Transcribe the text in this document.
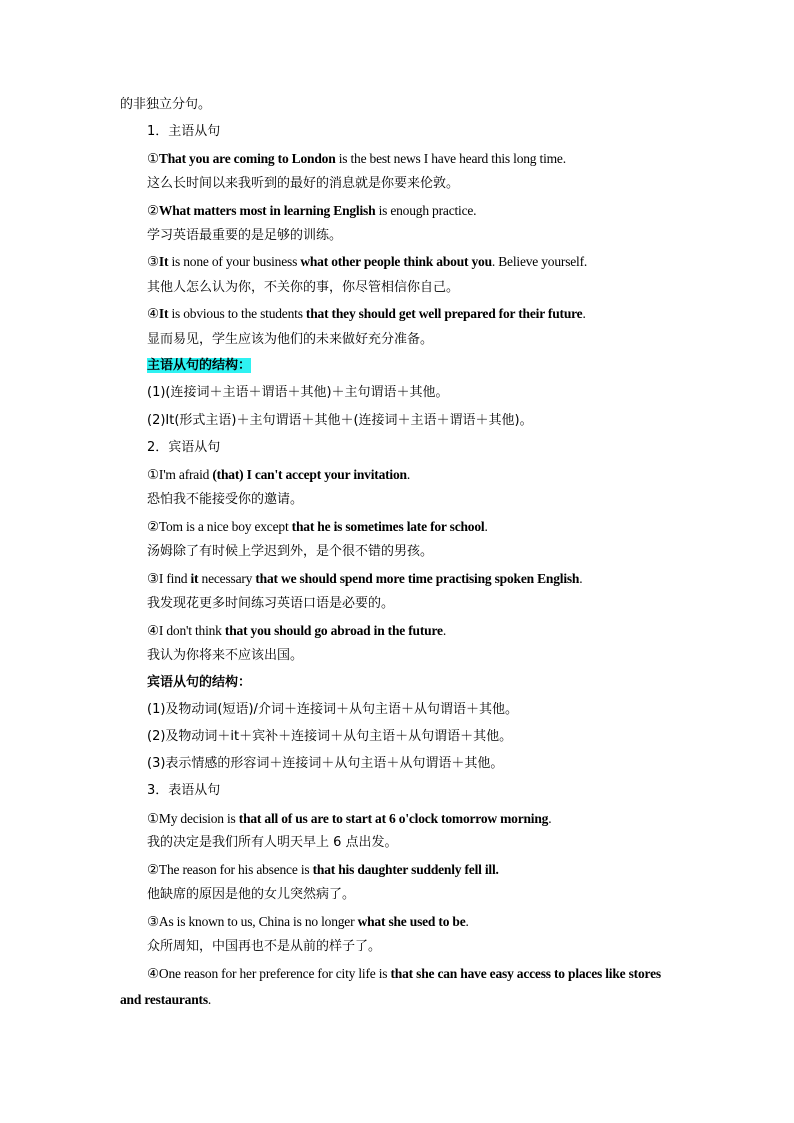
的非独立分句。
1．主语从句
①That you are coming to London is the best news I have heard this long time.
这么长时间以来我听到的最好的消息就是你要来伦敦。
②What matters most in learning English is enough practice.
学习英语最重要的是足够的训练。
③It is none of your business what other people think about you. Believe yourself.
其他人怎么认为你，不关你的事，你尽管相信你自己。
④It is obvious to the students that they should get well prepared for their future.
显而易见，学生应该为他们的未来做好充分准备。
主语从句的结构：
(1)(连接词＋主语＋谓语＋其他)＋主句谓语＋其他。
(2)It(形式主语)＋主句谓语＋其他＋(连接词＋主语＋谓语＋其他)。
2．宾语从句
①I'm afraid (that) I can't accept your invitation.
恐怕我不能接受你的邀请。
②Tom is a nice boy except that he is sometimes late for school.
汤姆除了有时候上学迟到外，是个很不错的男孩。
③I find it necessary that we should spend more time practising spoken English.
我发现花更多时间练习英语口语是必要的。
④I don't think that you should go abroad in the future.
我认为你将来不应该出国。
宾语从句的结构：
(1)及物动词(短语)/介词＋连接词＋从句主语＋从句谓语＋其他。
(2)及物动词＋it＋宾补＋连接词＋从句主语＋从句谓语＋其他。
(3)表示情感的形容词＋连接词＋从句主语＋从句谓语＋其他。
3．表语从句
①My decision is that all of us are to start at 6 o'clock tomorrow morning.
我的决定是我们所有人明天早上 6 点出发。
②The reason for his absence is that his daughter suddenly fell ill.
他缺席的原因是他的女儿突然病了。
③As is known to us, China is no longer what she used to be.
众所周知，中国再也不是从前的样子了。
④One reason for her preference for city life is that she can have easy access to places like stores and restaurants.
